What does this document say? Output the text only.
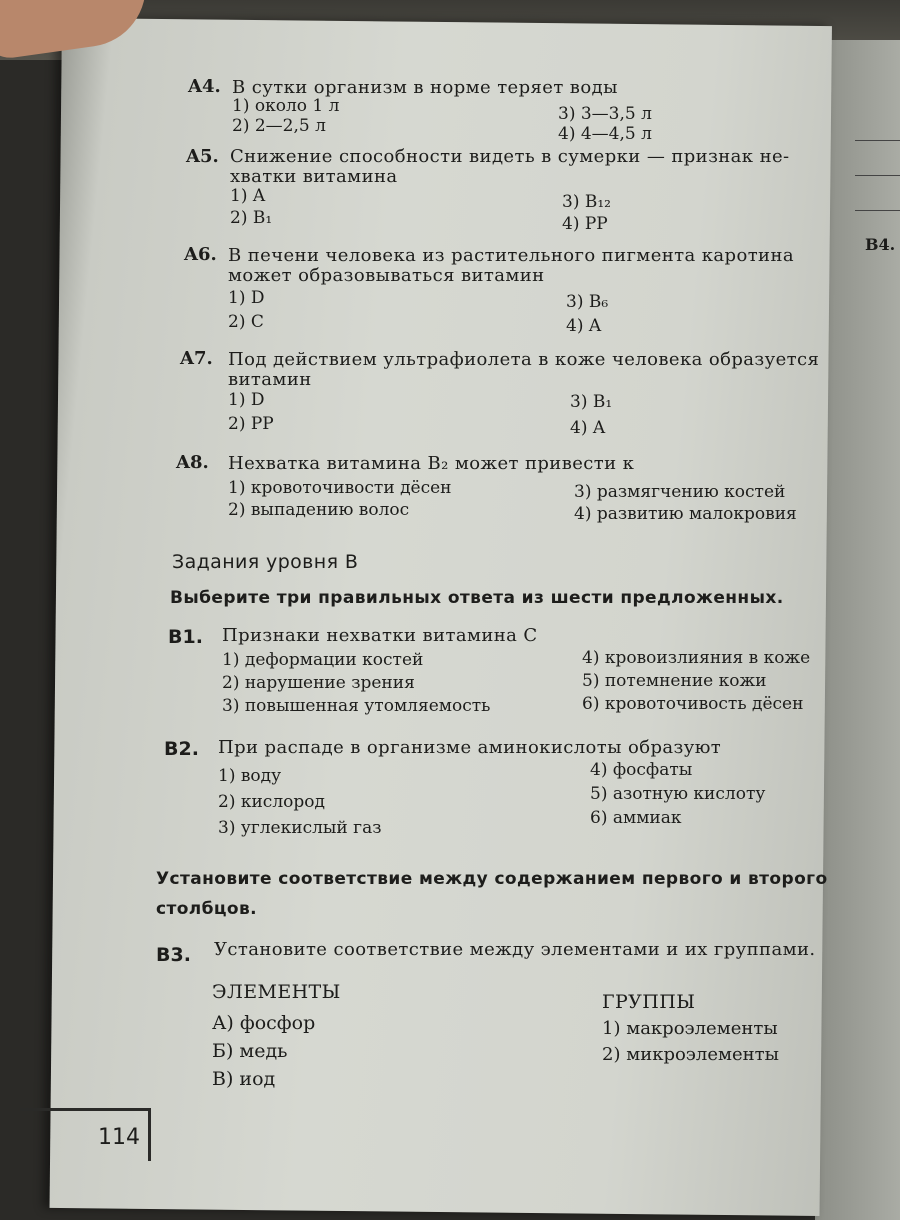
B4.
A4. В сутки организм в норме теряет воды
1) около 1 л
2) 2—2,5 л
3) 3—3,5 л
4) 4—4,5 л
A5. Снижение способности видеть в сумерки — признак не-
хватки витамина
1) A
2) B₁
3) B₁₂
4) PP
A6. В печени человека из растительного пигмента каротина
может образовываться витамин
1) D
2) C
3) B₆
4) A
A7. Под действием ультрафиолета в коже человека образуется
витамин
1) D
2) PP
3) B₁
4) A
A8. Нехватка витамина B₂ может привести к
1) кровоточивости дёсен
2) выпадению волос
3) размягчению костей
4) развитию малокровия
Задания уровня В
Выберите три правильных ответа из шести предложенных.
B1. Признаки нехватки витамина С
1) деформации костей
2) нарушение зрения
3) повышенная утомляемость
4) кровоизлияния в коже
5) потемнение кожи
6) кровоточивость дёсен
B2. При распаде в организме аминокислоты образуют
1) воду
2) кислород
3) углекислый газ
4) фосфаты
5) азотную кислоту
6) аммиак
Установите соответствие между содержанием первого и второго
столбцов.
B3. Установите соответствие между элементами и их группами.
ЭЛЕМЕНТЫ
А) фосфор
Б) медь
В) иод
ГРУППЫ
1) макроэлементы
2) микроэлементы
114
